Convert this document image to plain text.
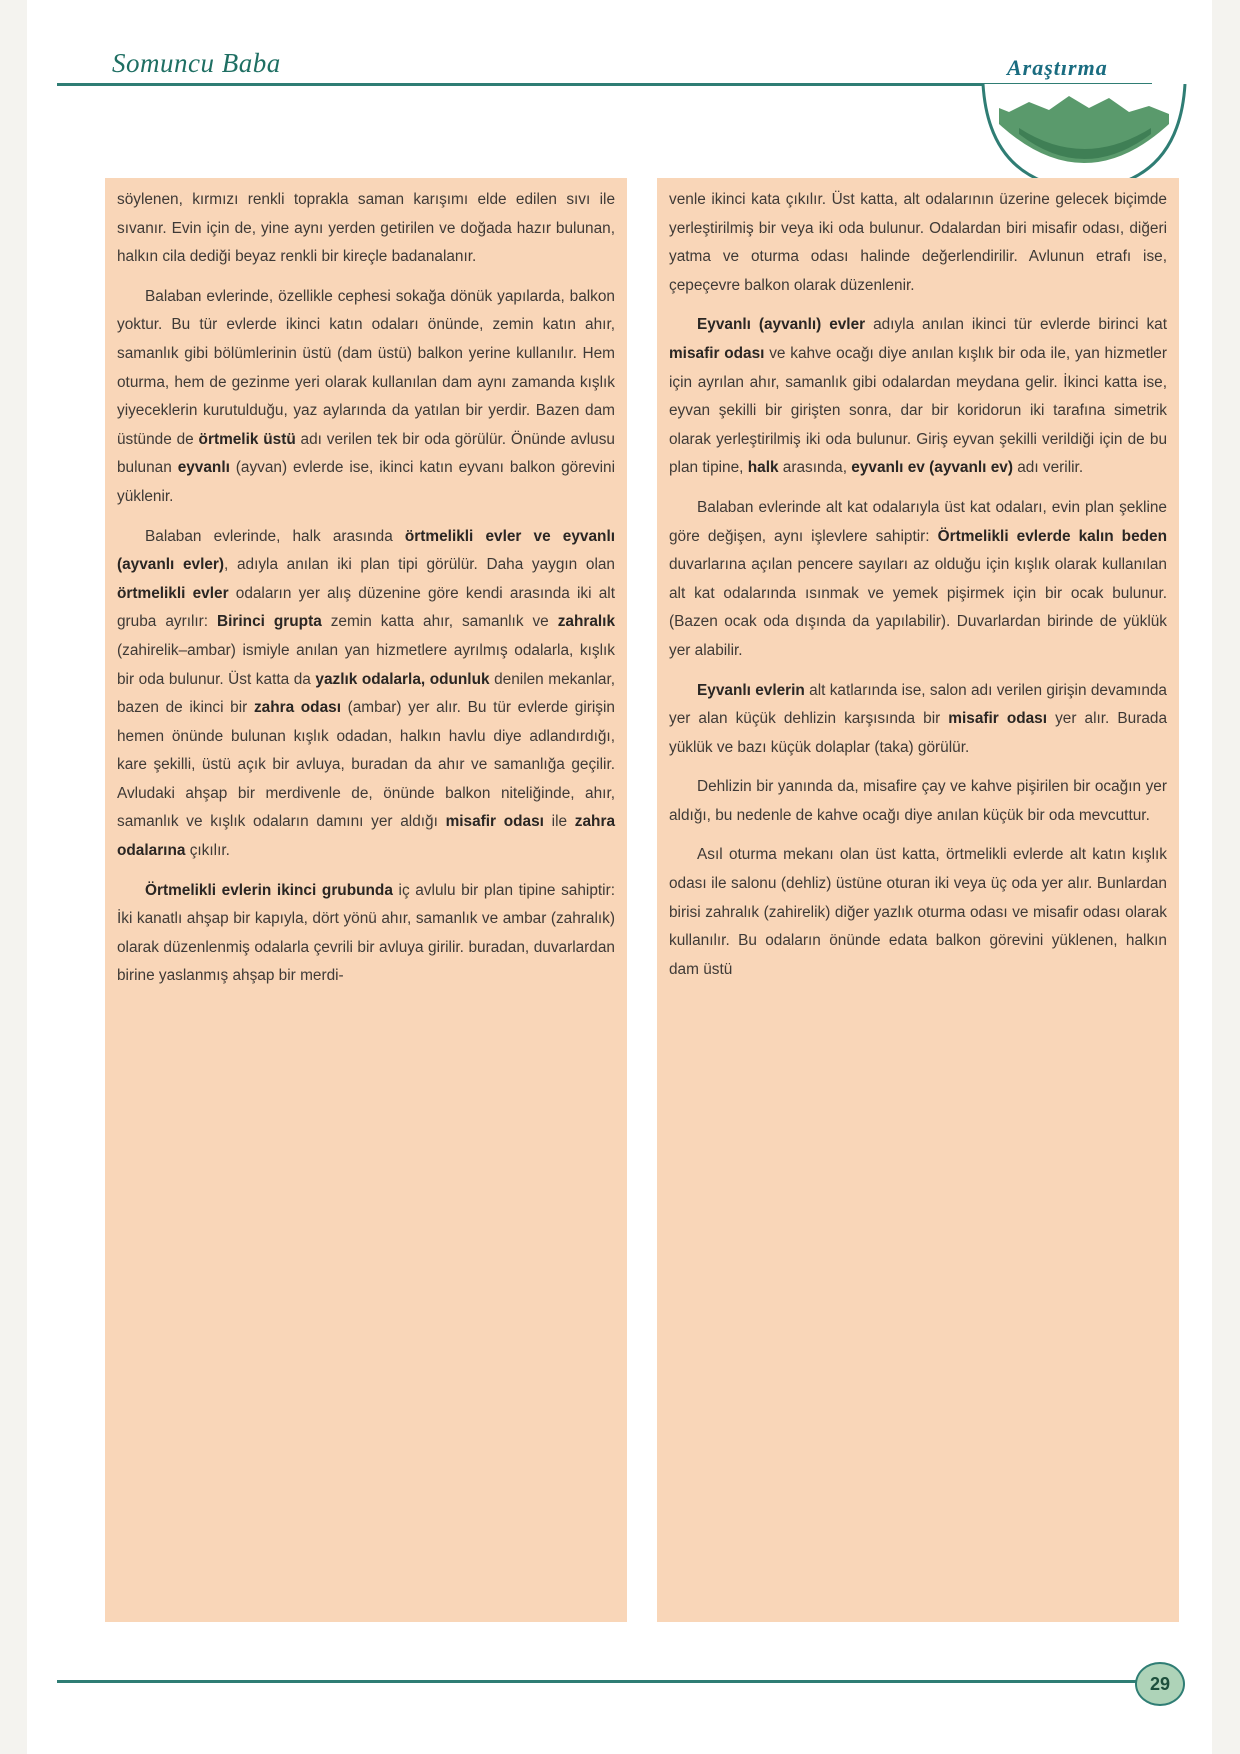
Somuncu Baba	Araştırma

söylenen, kırmızı renkli toprakla saman karışımı elde edilen sıvı ile sıvanır. Evin için de, yine aynı yerden getirilen ve doğada hazır bulunan, halkın cila dediği beyaz renkli bir kireçle badanalanır.

Balaban evlerinde, özellikle cephesi sokağa dönük yapılarda, balkon yoktur. Bu tür evlerde ikinci katın odaları önünde, zemin katın ahır, samanlık gibi bölümlerinin üstü (dam üstü) balkon yerine kullanılır. Hem oturma, hem de gezinme yeri olarak kullanılan dam aynı zamanda kışlık yiyeceklerin kurutulduğu, yaz aylarında da yatılan bir yerdir. Bazen dam üstünde de örtmelik üstü adı verilen tek bir oda görülür. Önünde avlusu bulunan eyvanlı (ayvan) evlerde ise, ikinci katın eyvanı balkon görevini yüklenir.

Balaban evlerinde, halk arasında örtmelikli evler ve eyvanlı (ayvanlı evler), adıyla anılan iki plan tipi görülür. Daha yaygın olan örtmelikli evler odaların yer alış düzenine göre kendi arasında iki alt gruba ayrılır: Birinci grupta zemin katta ahır, samanlık ve zahralık (zahirelik–ambar) ismiyle anılan yan hizmetlere ayrılmış odalarla, kışlık bir oda bulunur. Üst katta da yazlık odalarla, odunluk denilen mekanlar, bazen de ikinci bir zahra odası (ambar) yer alır. Bu tür evlerde girişin hemen önünde bulunan kışlık odadan, halkın havlu diye adlandırdığı, kare şekilli, üstü açık bir avluya, buradan da ahır ve samanlığa geçilir. Avludaki ahşap bir merdivenle de, önünde balkon niteliğinde, ahır, samanlık ve kışlık odaların damını yer aldığı misafir odası ile zahra odalarına çıkılır.

Örtmelikli evlerin ikinci grubunda iç avlulu bir plan tipine sahiptir: İki kanatlı ahşap bir kapıyla, dört yönü ahır, samanlık ve ambar (zahralık) olarak düzenlenmiş odalarla çevrili bir avluya girilir. buradan, duvarlardan birine yaslanmış ahşap bir merdi-

venle ikinci kata çıkılır. Üst katta, alt odalarının üzerine gelecek biçimde yerleştirilmiş bir veya iki oda bulunur. Odalardan biri misafir odası, diğeri yatma ve oturma odası halinde değerlendirilir. Avlunun etrafı ise, çepeçevre balkon olarak düzenlenir.

Eyvanlı (ayvanlı) evler adıyla anılan ikinci tür evlerde birinci kat misafir odası ve kahve ocağı diye anılan kışlık bir oda ile, yan hizmetler için ayrılan ahır, samanlık gibi odalardan meydana gelir. İkinci katta ise, eyvan şekilli bir girişten sonra, dar bir koridorun iki tarafına simetrik olarak yerleştirilmiş iki oda bulunur. Giriş eyvan şekilli verildiği için de bu plan tipine, halk arasında, eyvanlı ev (ayvanlı ev) adı verilir.

Balaban evlerinde alt kat odalarıyla üst kat odaları, evin plan şekline göre değişen, aynı işlevlere sahiptir: Örtmelikli evlerde kalın beden duvarlarına açılan pencere sayıları az olduğu için kışlık olarak kullanılan alt kat odalarında ısınmak ve yemek pişirmek için bir ocak bulunur. (Bazen ocak oda dışında da yapılabilir). Duvarlardan birinde de yüklük yer alabilir.

Eyvanlı evlerin alt katlarında ise, salon adı verilen girişin devamında yer alan küçük dehlizin karşısında bir misafir odası yer alır. Burada yüklük ve bazı küçük dolaplar (taka) görülür.

Dehlizin bir yanında da, misafire çay ve kahve pişirilen bir ocağın yer aldığı, bu nedenle de kahve ocağı diye anılan küçük bir oda mevcuttur.

Asıl oturma mekanı olan üst katta, örtmelikli evlerde alt katın kışlık odası ile salonu (dehliz) üstüne oturan iki veya üç oda yer alır. Bunlardan birisi zahralık (zahirelik) diğer yazlık oturma odası ve misafir odası olarak kullanılır. Bu odaların önünde edata balkon görevini yüklenen, halkın dam üstü

29
